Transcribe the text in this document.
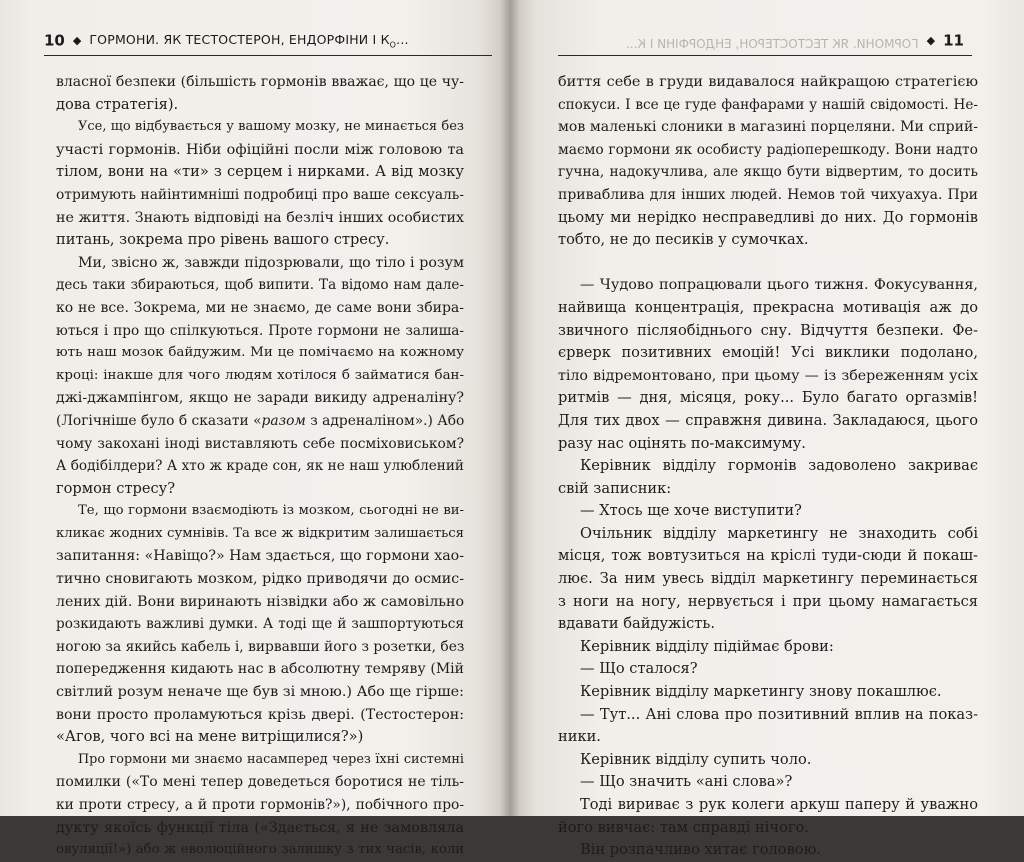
10 ◆ ГОРМОНИ. ЯК ТЕСТОСТЕРОН, ЕНДОРФІНИ І $К_О$...
власної безпеки (більшість гормонів вважає, що це чу-
дова стратегія).
Усе, що відбувається у вашому мозку, не минається без
участі гормонів. Ніби офіційні посли між головою та
тілом, вони на «ти» з серцем і нирками. А від мозку
отримують найінтимніші подробиці про ваше сексуаль-
не життя. Знають відповіді на безліч інших особистих
питань, зокрема про рівень вашого стресу.
Ми, звісно ж, завжди підозрювали, що тіло і розум
десь таки збираються, щоб випити. Та відомо нам дале-
ко не все. Зокрема, ми не знаємо, де саме вони збира-
ються і про що спілкуються. Проте гормони не залиша-
ють наш мозок байдужим. Ми це помічаємо на кожному
кроці: інакше для чого людям хотілося б займатися бан-
джі-джампінгом, якщо не заради викиду адреналіну?
(Логічніше було б сказати «разом з адреналіном».) Або
чому закохані іноді виставляють себе посміховиськом?
А бодібілдери? А хто ж краде сон, як не наш улюблений
гормон стресу?
Те, що гормони взаємодіють із мозком, сьогодні не ви-
кликає жодних сумнівів. Та все ж відкритим залишається
запитання: «Навіщо?» Нам здається, що гормони хао-
тично сновигають мозком, рідко приводячи до осмис-
лених дій. Вони виринають нізвідки або ж самовільно
розкидають важливі думки. А тоді ще й зашпортуються
ногою за якийсь кабель і, вирвавши його з розетки, без
попередження кидають нас в абсолютну темряву (Мій
світлий розум неначе ще був зі мною.) Або ще гірше:
вони просто проламуються крізь двері. (Тестостерон:
«Агов, чого всі на мене витріщилися?»)
Про гормони ми знаємо насамперед через їхні системні
помилки («То мені тепер доведеться боротися не тіль-
ки проти стресу, а й проти гормонів?»), побічного про-
дукту якоїсь функції тіла («Здається, я не замовляла
овуляції!») або ж еволюційного залишку з тих часів, коли
ГОРМОНИ. ЯК ТЕСТОСТЕРОН, ЕНДОРФІНИ І К... ◆ 11
биття себе в груди видавалося найкращою стратегією
спокуси. І все це гуде фанфарами у нашій свідомості. Не-
мов маленькі слоники в магазині порцеляни. Ми сприй-
маємо гормони як особисту радіоперешкоду. Вони надто
гучна, надокучлива, але якщо бути відвертим, то досить
приваблива для інших людей. Немов той чихуахуа. При
цьому ми нерідко несправедливі до них. До гормонів
тобто, не до песиків у сумочках.
— Чудово попрацювали цього тижня. Фокусування,
найвища концентрація, прекрасна мотивація аж до
звичного післяобіднього сну. Відчуття безпеки. Фе-
єрверк позитивних емоцій! Усі виклики подолано,
тіло відремонтовано, при цьому — із збереженням усіх
ритмів — дня, місяця, року... Було багато оргазмів!
Для тих двох — справжня дивина. Закладаюся, цього
разу нас оцінять по-максимуму.
Керівник відділу гормонів задоволено закриває
свій записник:
— Хтось ще хоче виступити?
Очільник відділу маркетингу не знаходить собі
місця, тож вовтузиться на кріслі туди-сюди й покаш-
лює. За ним увесь відділ маркетингу переминається
з ноги на ногу, нервується і при цьому намагається
вдавати байдужість.
Керівник відділу підіймає брови:
— Що сталося?
Керівник відділу маркетингу знову покашлює.
— Тут... Ані слова про позитивний вплив на показ-
ники.
Керівник відділу супить чоло.
— Що значить «ані слова»?
Тоді вириває з рук колеги аркуш паперу й уважно
його вивчає: там справді нічого.
Він розпачливо хитає головою.
